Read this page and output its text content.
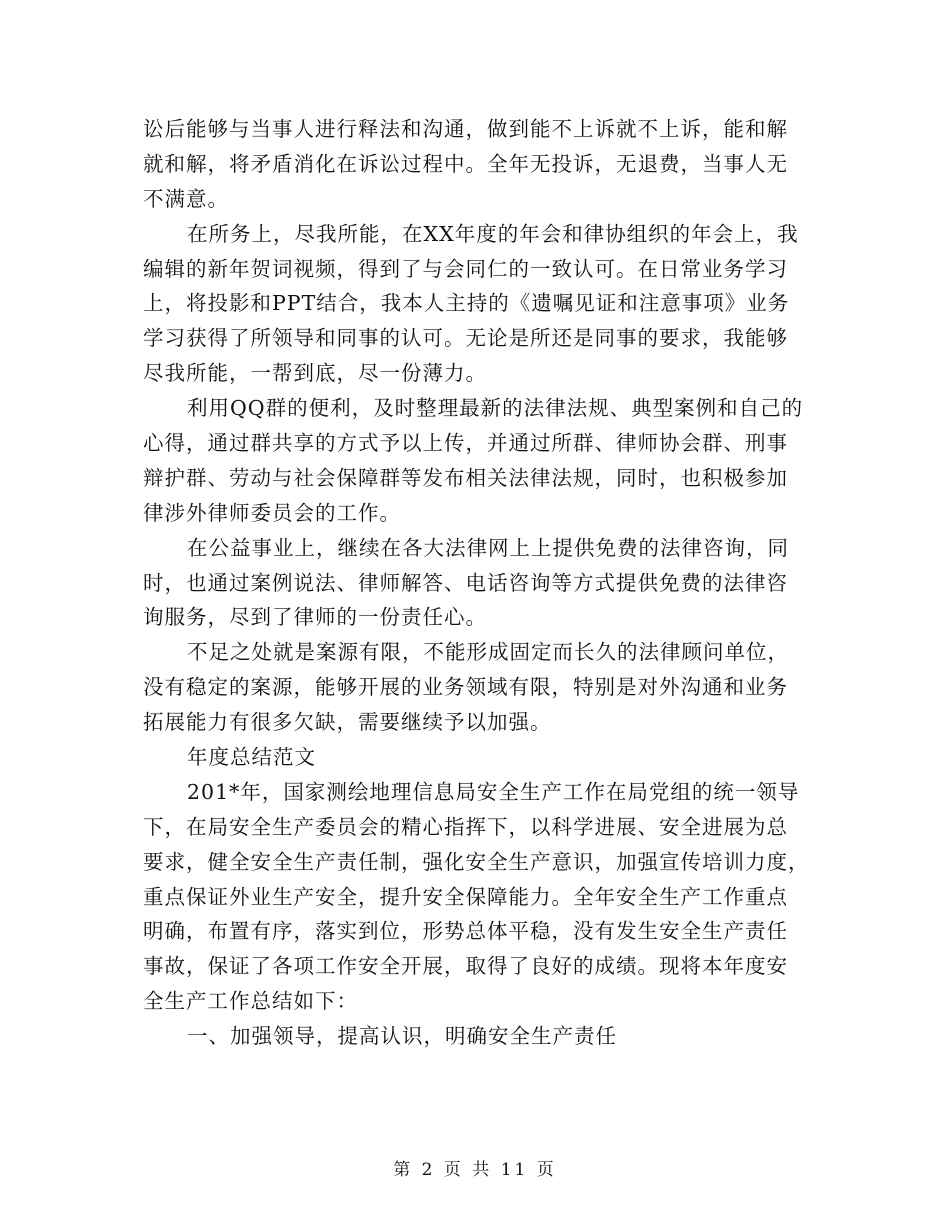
讼后能够与当事人进行释法和沟通，做到能不上诉就不上诉，能和解
就和解，将矛盾消化在诉讼过程中。全年无投诉，无退费，当事人无
不满意。
在所务上，尽我所能，在XX年度的年会和律协组织的年会上，我
编辑的新年贺词视频，得到了与会同仁的一致认可。在日常业务学习
上，将投影和PPT结合，我本人主持的《遗嘱见证和注意事项》业务
学习获得了所领导和同事的认可。无论是所还是同事的要求，我能够
尽我所能，一帮到底，尽一份薄力。
利用QQ群的便利，及时整理最新的法律法规、典型案例和自己的
心得，通过群共享的方式予以上传，并通过所群、律师协会群、刑事
辩护群、劳动与社会保障群等发布相关法律法规，同时，也积极参加
律涉外律师委员会的工作。
在公益事业上，继续在各大法律网上上提供免费的法律咨询，同
时，也通过案例说法、律师解答、电话咨询等方式提供免费的法律咨
询服务，尽到了律师的一份责任心。
不足之处就是案源有限，不能形成固定而长久的法律顾问单位，
没有稳定的案源，能够开展的业务领域有限，特别是对外沟通和业务
拓展能力有很多欠缺，需要继续予以加强。
年度总结范文
201*年，国家测绘地理信息局安全生产工作在局党组的统一领导
下，在局安全生产委员会的精心指挥下，以科学进展、安全进展为总
要求，健全安全生产责任制，强化安全生产意识，加强宣传培训力度，
重点保证外业生产安全，提升安全保障能力。全年安全生产工作重点
明确，布置有序，落实到位，形势总体平稳，没有发生安全生产责任
事故，保证了各项工作安全开展，取得了良好的成绩。现将本年度安
全生产工作总结如下：
一、加强领导，提高认识，明确安全生产责任
第 2 页 共 11 页
